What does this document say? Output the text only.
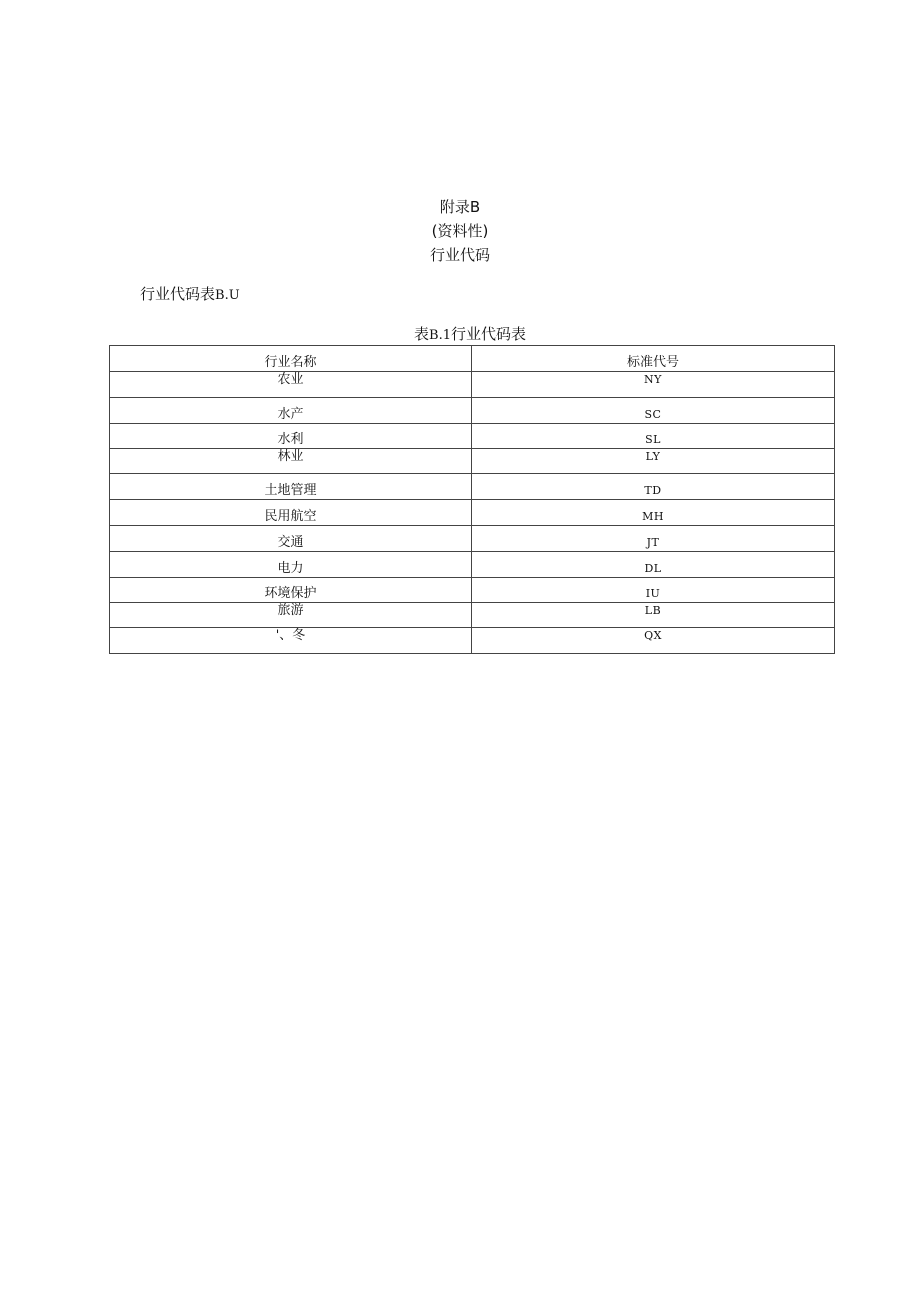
附录B
(资料性)
行业代码
行业代码表B.U
表B.1行业代码表
行业名称	标准代号
农业	NY
水产	SC
水利	SL
林业	LY
土地管理	TD
民用航空	MH
交通	JT
电力	DL
环境保护	IU
旅游	LB
'、冬	QX
